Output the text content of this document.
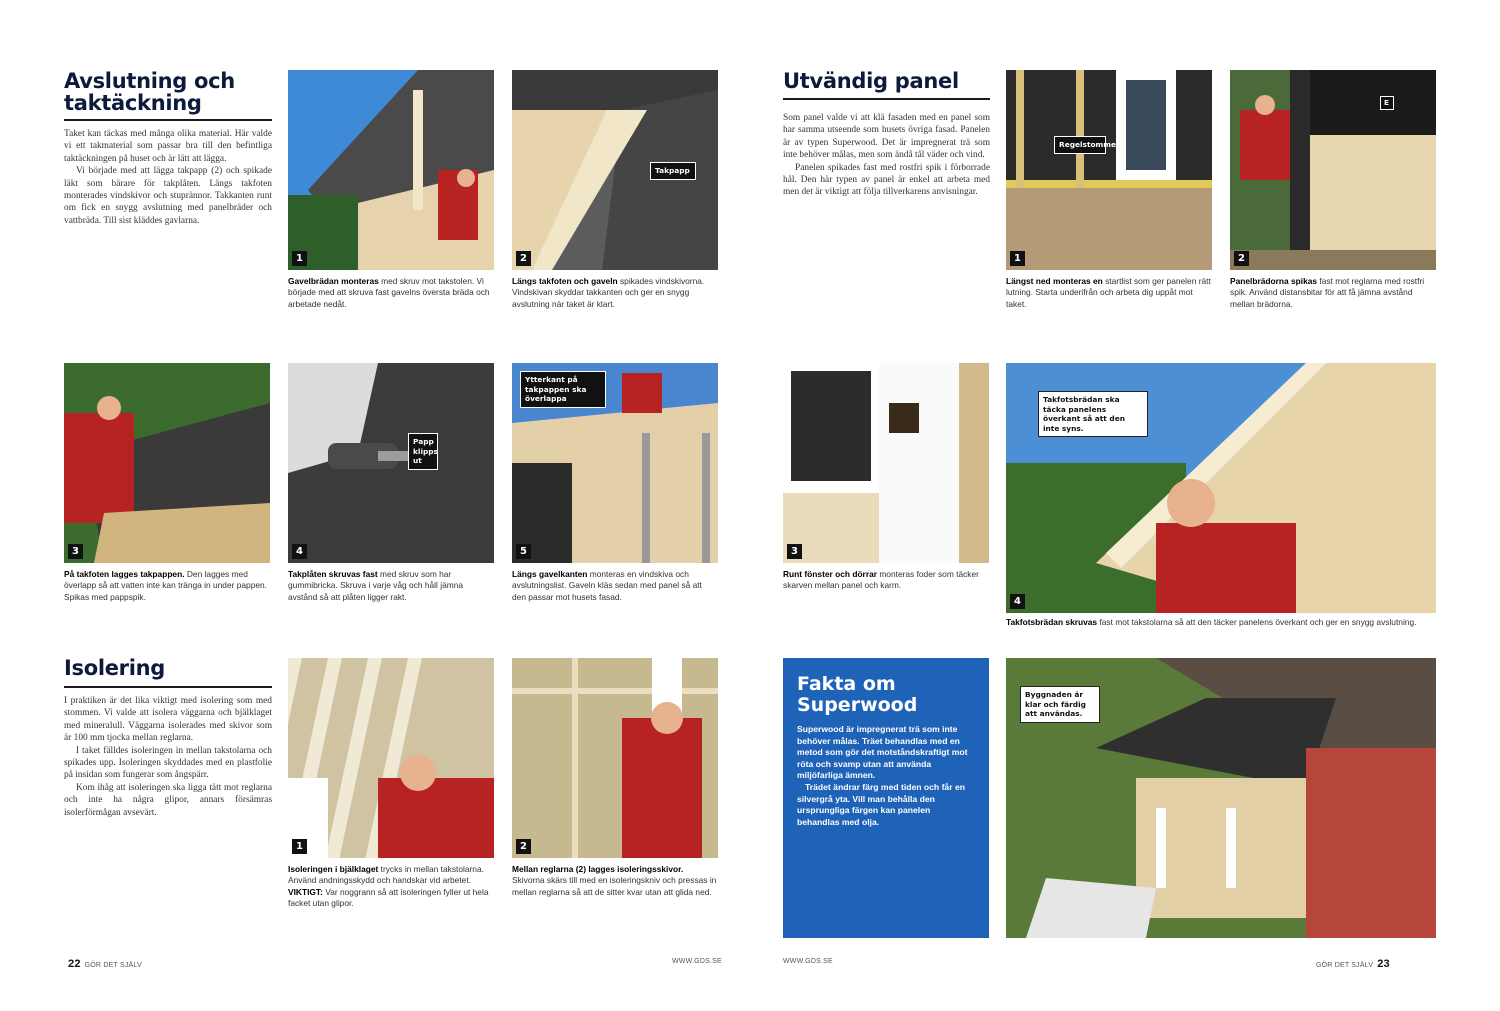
Avslutning och taktäckning

Taket kan täckas med många olika material. Här valde vi ett takmaterial som passar bra till den befintliga taktäckningen på huset och är lätt att lägga.

Vi började med att lägga takpapp (2) och spikade läkt som bärare för takplåten. Längs takfoten monterades vindskivor och stuprännor. Takkanten runt om fick en snygg avslutning med panelbräder och vattbräda. Till sist kläddes gavlarna.

1

Gavelbrädan monteras med skruv mot takstolen. Vi började med att skruva fast gavelns översta bräda och arbetade nedåt.

Takpapp
2

Längs takfoten och gaveln spikades vindskivorna. Vindskivan skyddar takkanten och ger en snygg avslutning när taket är klart.

3

På takfoten lagges takpappen. Den lagges med överlapp så att vatten inte kan tränga in under pappen. Spikas med pappspik.

Papp klipps ut
4

Takplåten skruvas fast med skruv som har gummibricka. Skruva i varje våg och håll jämna avstånd så att plåten ligger rakt.

Ytterkant på takpappen ska överlappa
5

Längs gavelkanten monteras en vindskiva och avslutningslist. Gaveln kläs sedan med panel så att den passar mot husets fasad.

Isolering

I praktiken är det lika viktigt med isolering som med stommen. Vi valde att isolera väggarna och bjälklaget med mineralull. Väggarna isolerades med skivor som är 100 mm tjocka mellan reglarna.

I taket fälldes isoleringen in mellan takstolarna och spikades upp. Isoleringen skyddades med en plastfolie på insidan som fungerar som ångspärr.

Kom ihåg att isoleringen ska ligga tätt mot reglarna och inte ha några glipor, annars försämras isolerförmågan avsevärt.

1

Isoleringen i bjälklaget trycks in mellan takstolarna. Använd andningsskydd och handskar vid arbetet.
VIKTIGT: Var noggrann så att isoleringen fyller ut hela facket utan glipor.

2

Mellan reglarna (2) lagges isoleringsskivor. Skivorna skärs till med en isoleringskniv och pressas in mellan reglarna så att de sitter kvar utan att glida ned.

22 GÖR DET SJÄLV
WWW.GDS.SE
Utvändig panel

Som panel valde vi att klä fasaden med en panel som har samma utseende som husets övriga fasad. Panelen är av typen Superwood. Det är impregnerat trä som inte behöver målas, men som ändå tål väder och vind.

Panelen spikades fast med rostfri spik i förborrade hål. Den här typen av panel är enkel att arbeta med men det är viktigt att följa tillverkarens anvisningar.

Regelstomme
1

Längst ned monteras en startlist som ger panelen rätt lutning. Starta underifrån och arbeta dig uppåt mot taket.

E
2

Panelbrädorna spikas fast mot reglarna med rostfri spik. Använd distansbitar för att få jämna avstånd mellan brädorna.

3

Runt fönster och dörrar monteras foder som täcker skarven mellan panel och karm.

Takfotsbrädan ska täcka panelens överkant så att den inte syns.
4

Takfotsbrädan skruvas fast mot takstolarna så att den täcker panelens överkant och ger en snygg avslutning.

Fakta om Superwood

Superwood är impregnerat trä som inte behöver målas. Träet behandlas med en metod som gör det motståndskraftigt mot röta och svamp utan att använda miljöfarliga ämnen.

Trädet ändrar färg med tiden och får en silvergrå yta. Vill man behålla den ursprungliga färgen kan panelen behandlas med olja.

Byggnaden är klar och färdig att användas.
WWW.GDS.SE
GÖR DET SJÄLV 23
